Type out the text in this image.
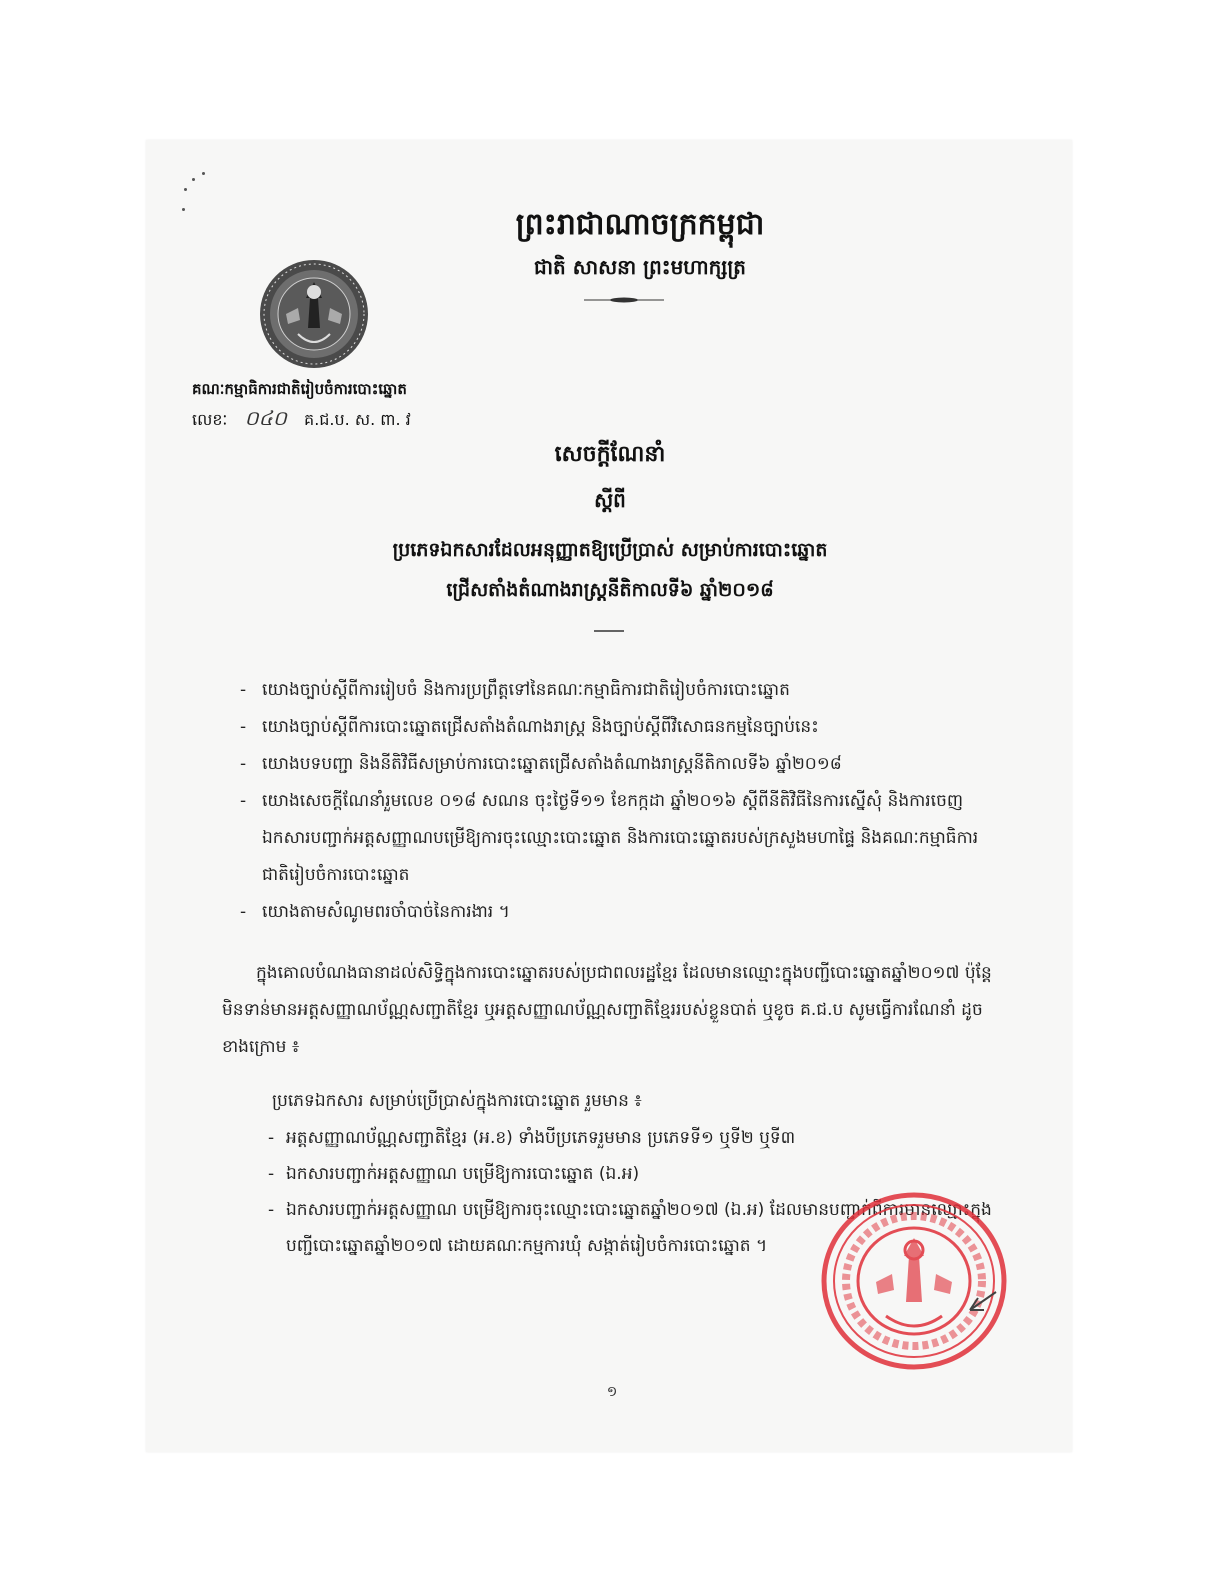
ព្រះរាជាណាចក្រកម្ពុជា
ជាតិ សាសនា ព្រះមហាក្សត្រ
គណៈកម្មាធិការជាតិរៀបចំការបោះឆ្នោត
លេខៈ ០៤០ គ.ជ.ប. ស. ពា. វ
សេចក្តីណែនាំ
ស្តីពី
ប្រភេទឯកសារដែលអនុញ្ញាតឱ្យប្រើប្រាស់ សម្រាប់ការបោះឆ្នោត
ជ្រើសតាំងតំណាងរាស្ត្រនីតិកាលទី៦ ឆ្នាំ២០១៨
- យោងច្បាប់ស្តីពីការរៀបចំ និងការប្រព្រឹត្តទៅនៃគណៈកម្មាធិការជាតិរៀបចំការបោះឆ្នោត
- យោងច្បាប់ស្តីពីការបោះឆ្នោតជ្រើសតាំងតំណាងរាស្ត្រ និងច្បាប់ស្តីពីវិសោធនកម្មនៃច្បាប់នេះ
- យោងបទបញ្ជា និងនីតិវិធីសម្រាប់ការបោះឆ្នោតជ្រើសតាំងតំណាងរាស្ត្រនីតិកាលទី៦ ឆ្នាំ២០១៨
- យោងសេចក្តីណែនាំរួមលេខ ០១៨ សណន ចុះថ្ងៃទី១១ ខែកក្កដា ឆ្នាំ២០១៦ ស្តីពីនីតិវិធីនៃការស្នើសុំ និងការចេញឯកសារបញ្ជាក់អត្តសញ្ញាណបម្រើឱ្យការចុះឈ្មោះបោះឆ្នោត និងការបោះឆ្នោតរបស់ក្រសួងមហាផ្ទៃ និងគណៈកម្មាធិការជាតិរៀបចំការបោះឆ្នោត
- យោងតាមសំណូមពរចាំបាច់នៃការងារ ។
ក្នុងគោលបំណងធានាដល់សិទ្ធិក្នុងការបោះឆ្នោតរបស់ប្រជាពលរដ្ឋខ្មែរ ដែលមានឈ្មោះក្នុងបញ្ជីបោះឆ្នោតឆ្នាំ២០១៧ ប៉ុន្តែមិនទាន់មានអត្តសញ្ញាណប័ណ្ណសញ្ជាតិខ្មែរ ឬអត្តសញ្ញាណប័ណ្ណសញ្ជាតិខ្មែររបស់ខ្លួនបាត់ ឬខូច គ.ជ.ប សូមធ្វើការណែនាំ ដូចខាងក្រោម ៖
ប្រភេទឯកសារ សម្រាប់ប្រើប្រាស់ក្នុងការបោះឆ្នោត រួមមាន ៖
- អត្តសញ្ញាណប័ណ្ណសញ្ជាតិខ្មែរ (អ.ខ) ទាំងបីប្រភេទរួមមាន ប្រភេទទី១ ឬទី២ ឬទី៣
- ឯកសារបញ្ជាក់អត្តសញ្ញាណ បម្រើឱ្យការបោះឆ្នោត (ឯ.អ)
- ឯកសារបញ្ជាក់អត្តសញ្ញាណ បម្រើឱ្យការចុះឈ្មោះបោះឆ្នោតឆ្នាំ២០១៧ (ឯ.អ) ដែលមានបញ្ជាក់ពីការមានឈ្មោះក្នុងបញ្ជីបោះឆ្នោតឆ្នាំ២០១៧ ដោយគណៈកម្មការឃុំ សង្កាត់រៀបចំការបោះឆ្នោត ។
១
